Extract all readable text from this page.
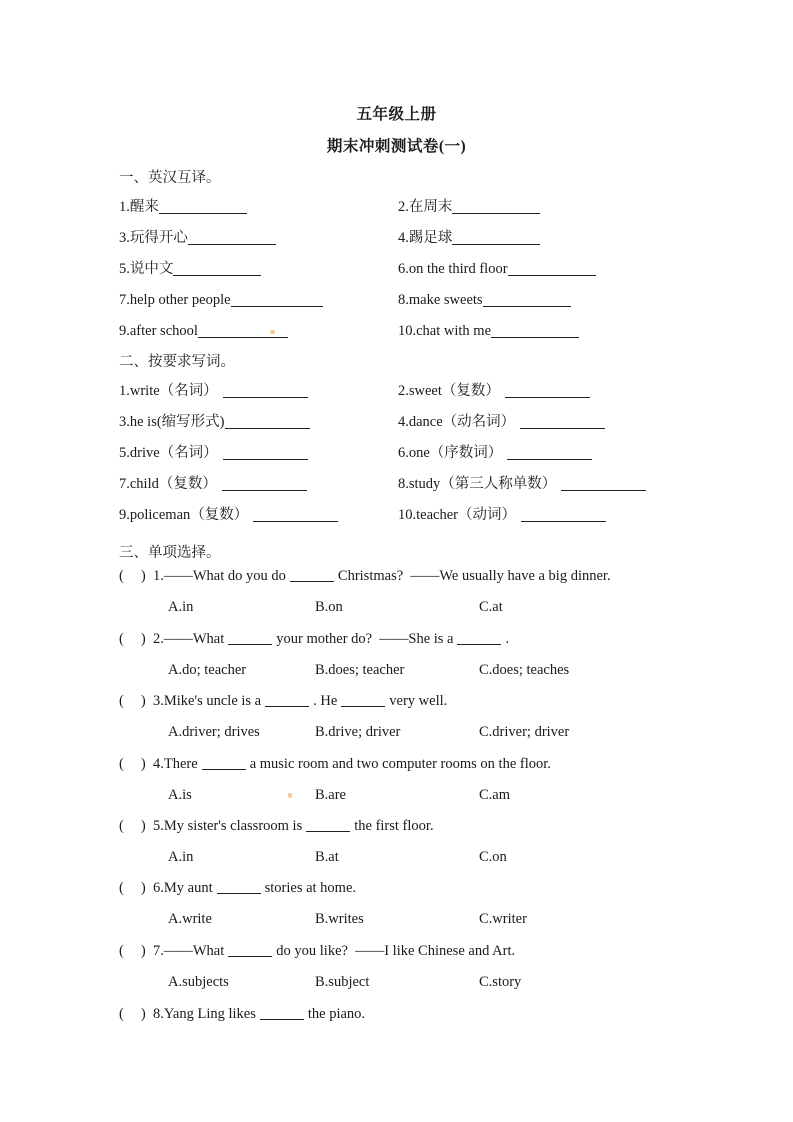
五年级上册
期末冲刺测试卷(一)
一、英汉互译。
1.醒来	2.在周末
3.玩得开心	4.踢足球
5.说中文	6.on the third floor
7.help other people	8.make sweets
9.after school	10.chat with me
二、按要求写词。
1.write（名词）	2.sweet（复数）
3.he is(缩写形式)	4.dance（动名词）
5.drive（名词）	6.one（序数词）
7.child（复数）	8.study（第三人称单数）
9.policeman（复数）	10.teacher（动词）
三、单项选择。
( ) 1.——What do you do	Christmas? ——We usually have a big dinner.
A.in	B.on	C.at
( ) 2.——What	your mother do? ——She is a	.
A.do; teacher	B.does; teacher	C.does; teaches
( ) 3.Mike's uncle is a	. He	very well.
A.driver; drives	B.drive; driver	C.driver; driver
( ) 4.There	a music room and two computer rooms on the floor.
A.is	B.are	C.am
( ) 5.My sister's classroom is	the first floor.
A.in	B.at	C.on
( ) 6.My aunt	stories at home.
A.write	B.writes	C.writer
( ) 7.——What	do you like? ——I like Chinese and Art.
A.subjects	B.subject	C.story
( ) 8.Yang Ling likes	the piano.
